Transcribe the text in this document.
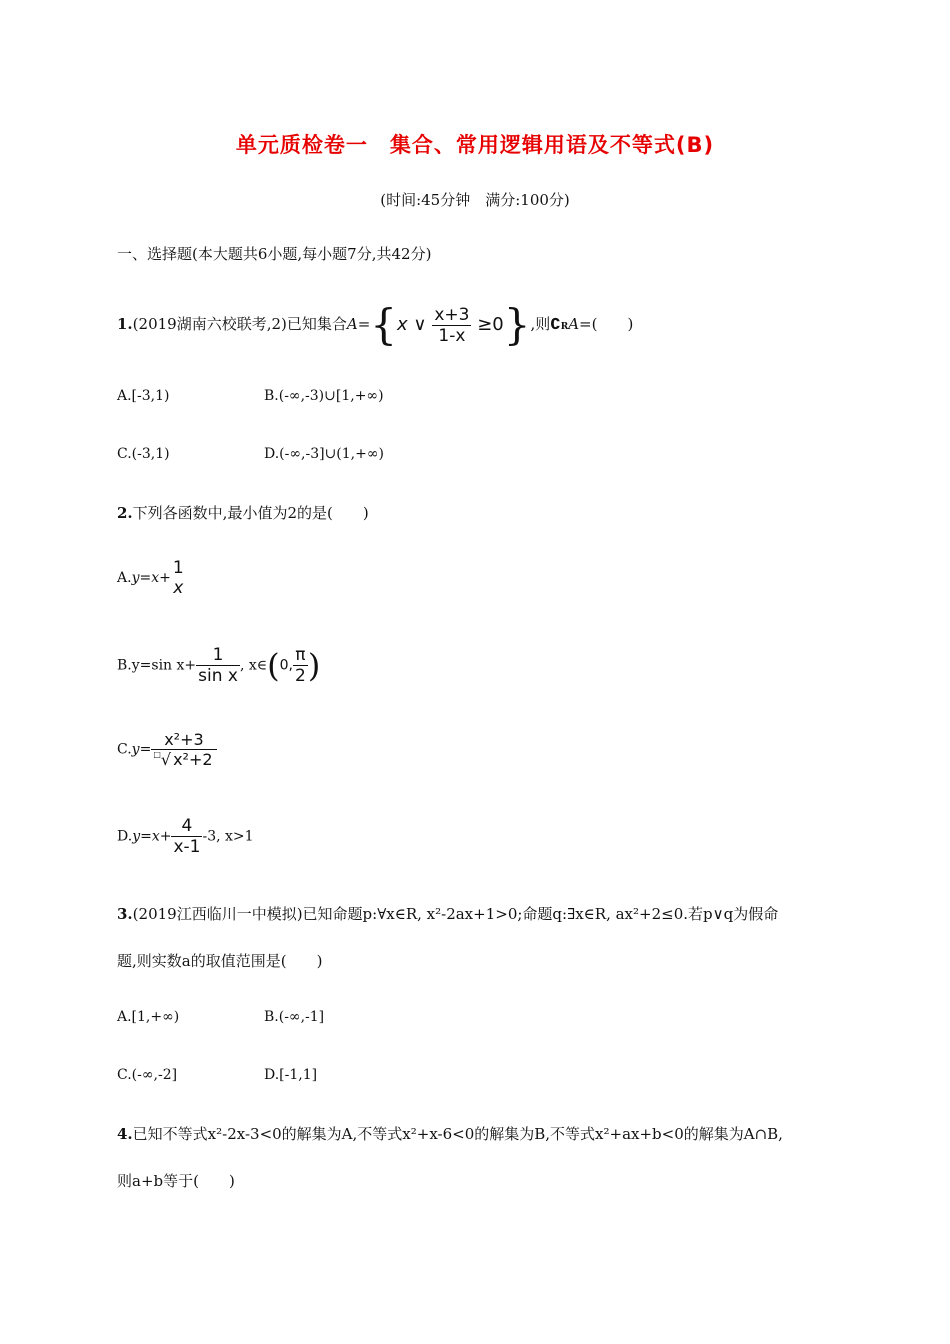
单元质检卷一　集合、常用逻辑用语及不等式(B)
(时间:45分钟　满分:100分)
一、选择题(本大题共6小题,每小题7分,共42分)
1.(2019湖南六校联考,2)已知集合A={x ∨ $\frac{x+3}{1-x} \ge 0$},则∁RA=(　　)
A.[-3,1)	B.(-∞,-3)∪[1,+∞)
C.(-3,1)	D.(-∞,-3]∪(1,+∞)
2.下列各函数中,最小值为2的是(　　)
A.y=x+ 1
x
B.y=sin $x+ \frac{1}{\text{sin x}}$ , x∈(0, $\frac{\pi}{2}$ )
$C.y= \frac{\text{x²+3}}{^□√ x^2+2}$
$D.y=x+ \frac{4}{x-1} -3$, x>1
3.(2019江西临川一中模拟)已知命题p:∀x∈R, x²-2ax+1>0;命题q:∃x∈R, ax²+2≤0.若p∨q为假命
题,则实数a的取值范围是(　　)
A.[1,+∞)	B.(-∞,-1]
C.(-∞,-2]	D.[-1,1]
4.已知不等式x²-2x-3<0的解集为A,不等式x²+x-6<0的解集为B,不等式x²+ax+b<0的解集为A∩B,
则a+b等于(　　)
